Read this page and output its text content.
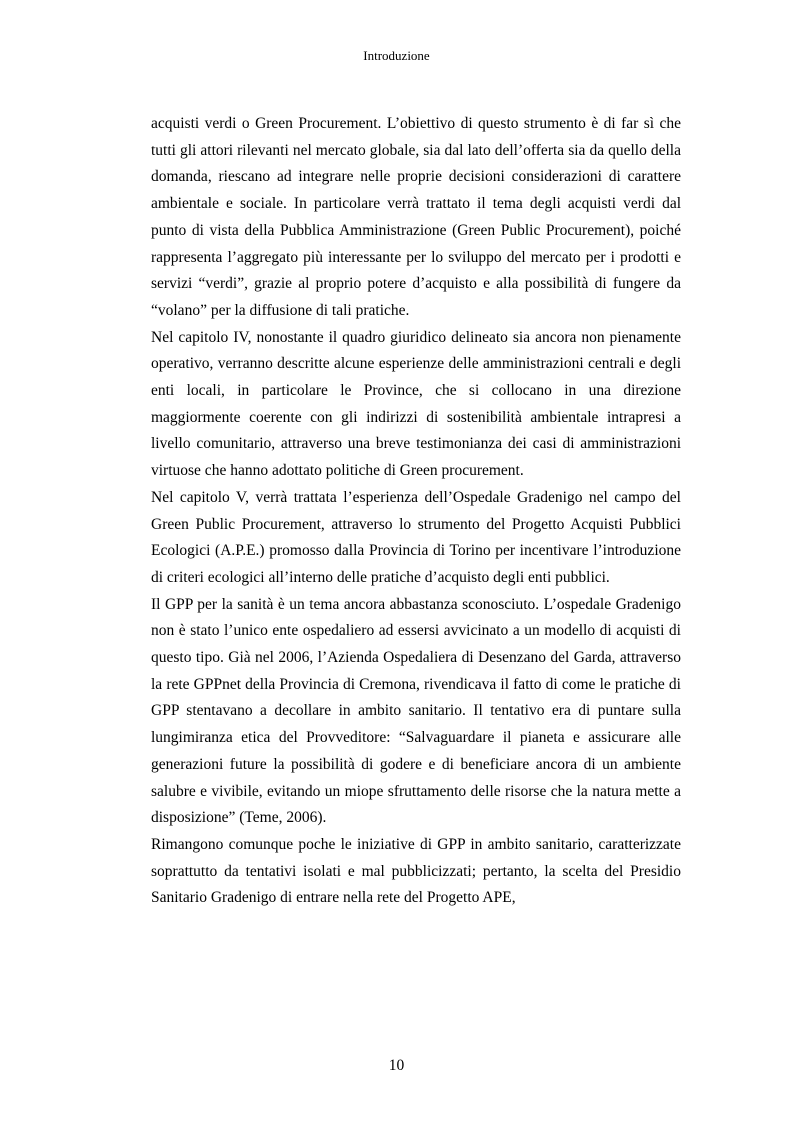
Introduzione

acquisti verdi o Green Procurement. L’obiettivo di questo strumento è di far sì che tutti gli attori rilevanti nel mercato globale, sia dal lato dell’offerta sia da quello della domanda, riescano ad integrare nelle proprie decisioni considerazioni di carattere ambientale e sociale. In particolare verrà trattato il tema degli acquisti verdi dal punto di vista della Pubblica Amministrazione (Green Public Procurement), poiché rappresenta l’aggregato più interessante per lo sviluppo del mercato per i prodotti e servizi “verdi”, grazie al proprio potere d’acquisto e alla possibilità di fungere da “volano” per la diffusione di tali pratiche.

Nel capitolo IV, nonostante il quadro giuridico delineato sia ancora non pienamente operativo, verranno descritte alcune esperienze delle amministrazioni centrali e degli enti locali, in particolare le Province, che si collocano in una direzione maggiormente coerente con gli indirizzi di sostenibilità ambientale intrapresi a livello comunitario, attraverso una breve testimonianza dei casi di amministrazioni virtuose che hanno adottato politiche di Green procurement.

Nel capitolo V, verrà trattata l’esperienza dell’Ospedale Gradenigo nel campo del Green Public Procurement, attraverso lo strumento del Progetto Acquisti Pubblici Ecologici (A.P.E.) promosso dalla Provincia di Torino per incentivare l’introduzione di criteri ecologici all’interno delle pratiche d’acquisto degli enti pubblici.

Il GPP per la sanità è un tema ancora abbastanza sconosciuto. L’ospedale Gradenigo non è stato l’unico ente ospedaliero ad essersi avvicinato a un modello di acquisti di questo tipo. Già nel 2006, l’Azienda Ospedaliera di Desenzano del Garda, attraverso la rete GPPnet della Provincia di Cremona, rivendicava il fatto di come le pratiche di GPP stentavano a decollare in ambito sanitario. Il tentativo era di puntare sulla lungimiranza etica del Provveditore: “Salvaguardare il pianeta e assicurare alle generazioni future la possibilità di godere e di beneficiare ancora di un ambiente salubre e vivibile, evitando un miope sfruttamento delle risorse che la natura mette a disposizione” (Teme, 2006).

Rimangono comunque poche le iniziative di GPP in ambito sanitario, caratterizzate soprattutto da tentativi isolati e mal pubblicizzati; pertanto, la scelta del Presidio Sanitario Gradenigo di entrare nella rete del Progetto APE,

10
